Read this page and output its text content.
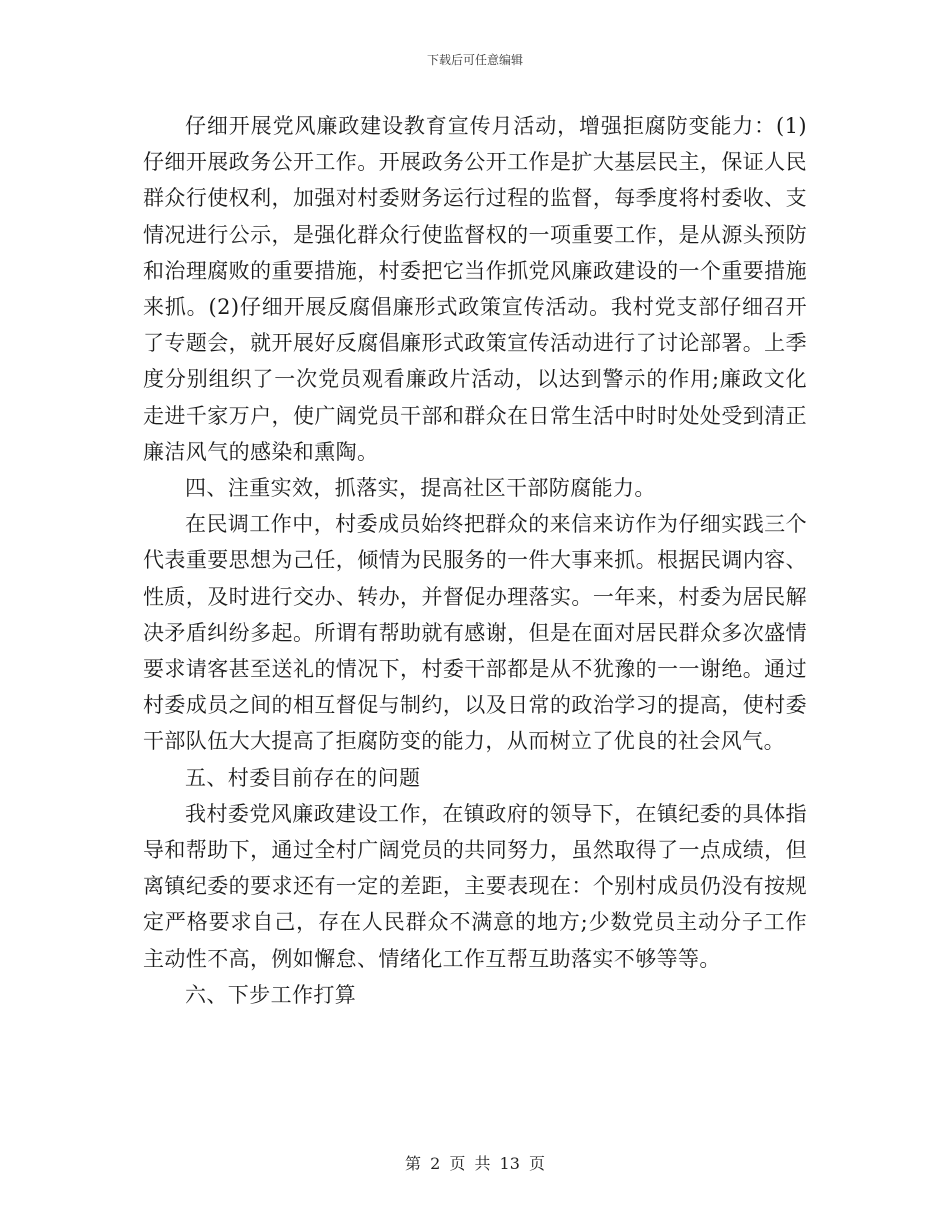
下载后可任意编辑

仔细开展党风廉政建设教育宣传月活动，增强拒腐防变能力：(1)仔细开展政务公开工作。开展政务公开工作是扩大基层民主，保证人民群众行使权利，加强对村委财务运行过程的监督，每季度将村委收、支情况进行公示，是强化群众行使监督权的一项重要工作，是从源头预防和治理腐败的重要措施，村委把它当作抓党风廉政建设的一个重要措施来抓。(2)仔细开展反腐倡廉形式政策宣传活动。我村党支部仔细召开了专题会，就开展好反腐倡廉形式政策宣传活动进行了讨论部署。上季度分别组织了一次党员观看廉政片活动，以达到警示的作用;廉政文化走进千家万户，使广阔党员干部和群众在日常生活中时时处处受到清正廉洁风气的感染和熏陶。

四、注重实效，抓落实，提高社区干部防腐能力。

在民调工作中，村委成员始终把群众的来信来访作为仔细实践三个代表重要思想为己任，倾情为民服务的一件大事来抓。根据民调内容、性质，及时进行交办、转办，并督促办理落实。一年来，村委为居民解决矛盾纠纷多起。所谓有帮助就有感谢，但是在面对居民群众多次盛情要求请客甚至送礼的情况下，村委干部都是从不犹豫的一一谢绝。通过村委成员之间的相互督促与制约，以及日常的政治学习的提高，使村委干部队伍大大提高了拒腐防变的能力，从而树立了优良的社会风气。

五、村委目前存在的问题

我村委党风廉政建设工作，在镇政府的领导下，在镇纪委的具体指导和帮助下，通过全村广阔党员的共同努力，虽然取得了一点成绩，但离镇纪委的要求还有一定的差距，主要表现在：个别村成员仍没有按规定严格要求自己，存在人民群众不满意的地方;少数党员主动分子工作主动性不高，例如懈怠、情绪化工作互帮互助落实不够等等。

六、下步工作打算

第 2 页 共 13 页
